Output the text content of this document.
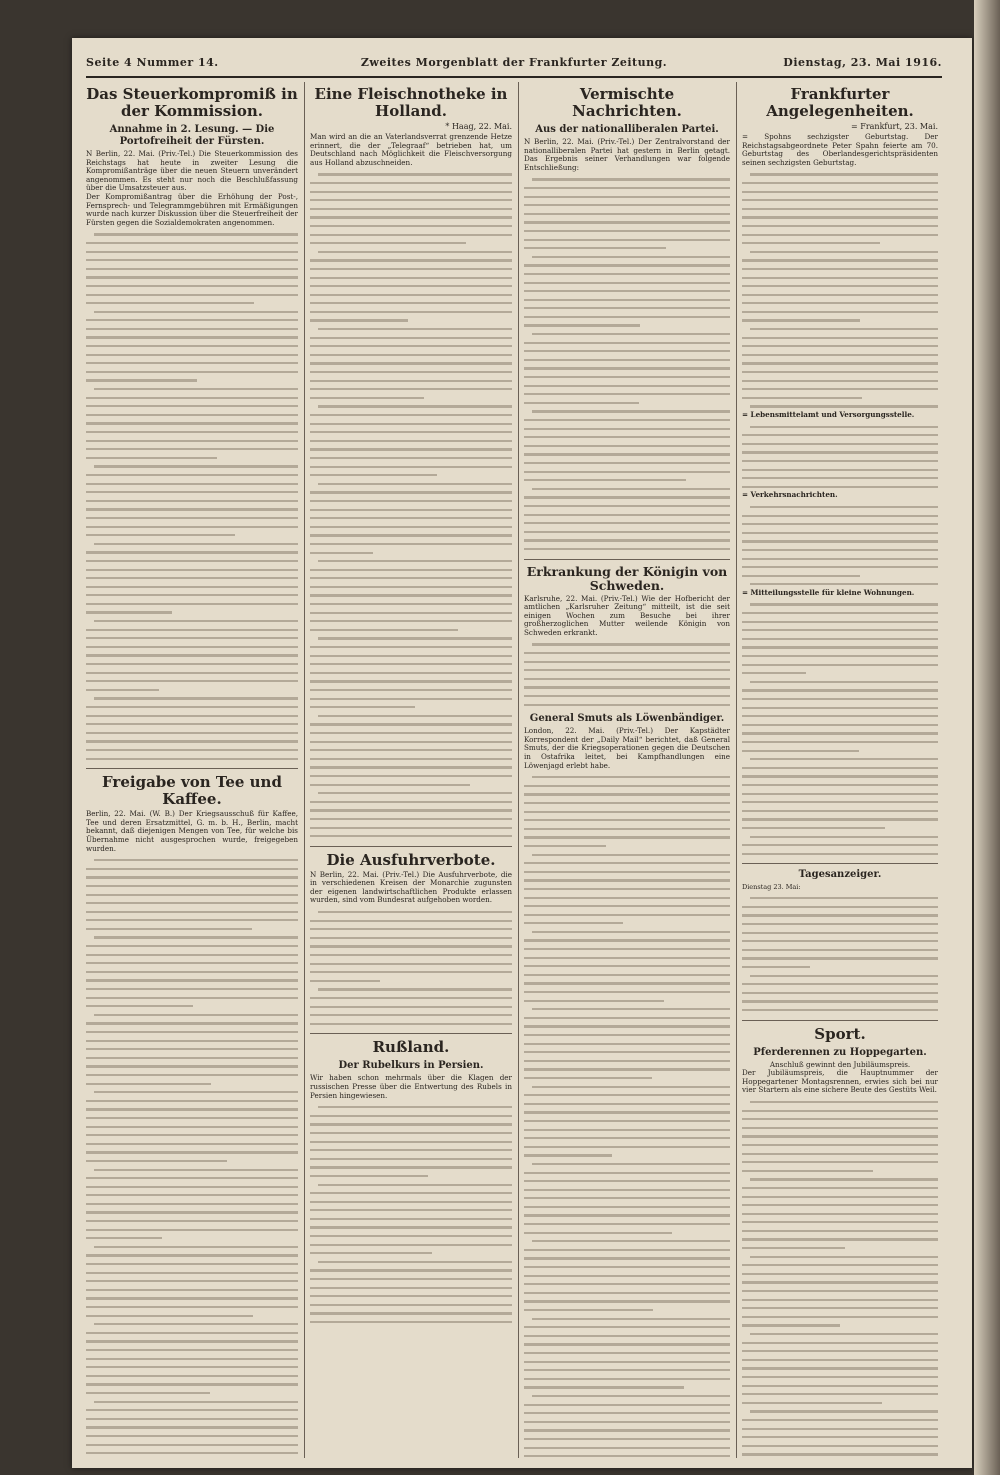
Seite 4 Nummer 14.	Zweites Morgenblatt der Frankfurter Zeitung.	Dienstag, 23. Mai 1916.
Das Steuerkompromiß in der Kommission.
Annahme in 2. Lesung. — Die Portofreiheit der Fürsten.

N Berlin, 22. Mai. (Priv.-Tel.) Die Steuerkommission des Reichstags hat heute in zweiter Lesung die Kompromißanträge über die neuen Steuern unverändert angenommen. Es steht nur noch die Beschlußfassung über die Umsatzsteuer aus.

Der Kompromißantrag über die Erhöhung der Post-, Fernsprech- und Telegrammgebühren mit Ermäßigungen wurde nach kurzer Diskussion über die Steuerfreiheit der Fürsten gegen die Sozialdemokraten angenommen.

Freigabe von Tee und Kaffee.

Berlin, 22. Mai. (W. B.) Der Kriegsausschuß für Kaffee, Tee und deren Ersatzmittel, G. m. b. H., Berlin, macht bekannt, daß diejenigen Mengen von Tee, für welche bis Übernahme nicht ausgesprochen wurde, freigegeben wurden.

Eine Fleischnotheke in Holland.
* Haag, 22. Mai.

Man wird an die an Vaterlandsverrat grenzende Hetze erinnert, die der „Telegraaf“ betrieben hat, um Deutschland nach Möglichkeit die Fleischversorgung aus Holland abzuschneiden.

Die Ausfuhrverbote.

N Berlin, 22. Mai. (Priv.-Tel.) Die Ausfuhrverbote, die in verschiedenen Kreisen der Monarchie zugunsten der eigenen landwirtschaftlichen Produkte erlassen wurden, sind vom Bundesrat aufgehoben worden.

Rußland.
Der Rubelkurs in Persien.

Wir haben schon mehrmals über die Klagen der russischen Presse über die Entwertung des Rubels in Persien hingewiesen.

Vermischte Nachrichten.
Aus der nationalliberalen Partei.

N Berlin, 22. Mai. (Priv.-Tel.) Der Zentralvorstand der nationalliberalen Partei hat gestern in Berlin getagt. Das Ergebnis seiner Verhandlungen war folgende Entschließung:

Erkrankung der Königin von Schweden.

Karlsruhe, 22. Mai. (Priv.-Tel.) Wie der Hofbericht der amtlichen „Karlsruher Zeitung“ mitteilt, ist die seit einigen Wochen zum Besuche bei ihrer großherzoglichen Mutter weilende Königin von Schweden erkrankt.

General Smuts als Löwenbändiger.

London, 22. Mai. (Priv.-Tel.) Der Kapstädter Korrespondent der „Daily Mail“ berichtet, daß General Smuts, der die Kriegsoperationen gegen die Deutschen in Ostafrika leitet, bei Kampfhandlungen eine Löwenjagd erlebt habe.

Frankfurter Angelegenheiten.
= Frankfurt, 23. Mai.

= Spohns sechzigster Geburtstag. Der Reichstagsabgeordnete Peter Spahn feierte am 70. Geburtstag des Oberlandesgerichtspräsidenten seinen sechzigsten Geburtstag.

= Lebensmittelamt und Versorgungsstelle.

= Verkehrsnachrichten.

= Mitteilungsstelle für kleine Wohnungen.

Tagesanzeiger.
Dienstag 23. Mai:
Sport.
Pferderennen zu Hoppegarten.

Anschluß gewinnt den Jubiläumspreis.

Der Jubiläumspreis, die Hauptnummer der Hoppegartener Montagsrennen, erwies sich bei nur vier Startern als eine sichere Beute des Gestüts Weil.
